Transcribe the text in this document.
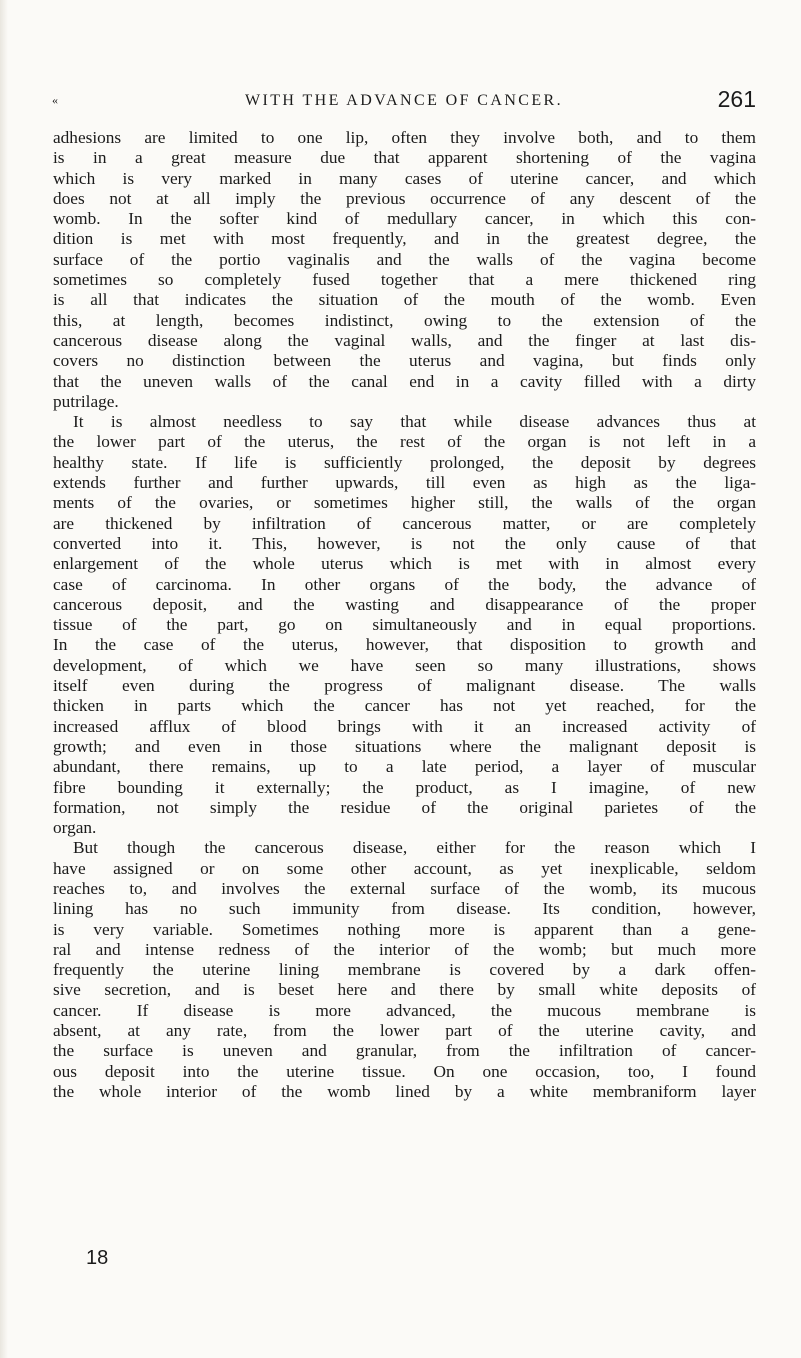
«	WITH THE ADVANCE OF CANCER.	261
adhesions are limited to one lip, often they involve both, and to them
is in a great measure due that apparent shortening of the vagina
which is very marked in many cases of uterine cancer, and which
does not at all imply the previous occurrence of any descent of the
womb. In the softer kind of medullary cancer, in which this con-
dition is met with most frequently, and in the greatest degree, the
surface of the portio vaginalis and the walls of the vagina become
sometimes so completely fused together that a mere thickened ring
is all that indicates the situation of the mouth of the womb. Even
this, at length, becomes indistinct, owing to the extension of the
cancerous disease along the vaginal walls, and the finger at last dis-
covers no distinction between the uterus and vagina, but finds only
that the uneven walls of the canal end in a cavity filled with a dirty
putrilage.
It is almost needless to say that while disease advances thus at
the lower part of the uterus, the rest of the organ is not left in a
healthy state. If life is sufficiently prolonged, the deposit by degrees
extends further and further upwards, till even as high as the liga-
ments of the ovaries, or sometimes higher still, the walls of the organ
are thickened by infiltration of cancerous matter, or are completely
converted into it. This, however, is not the only cause of that
enlargement of the whole uterus which is met with in almost every
case of carcinoma. In other organs of the body, the advance of
cancerous deposit, and the wasting and disappearance of the proper
tissue of the part, go on simultaneously and in equal proportions.
In the case of the uterus, however, that disposition to growth and
development, of which we have seen so many illustrations, shows
itself even during the progress of malignant disease. The walls
thicken in parts which the cancer has not yet reached, for the
increased afflux of blood brings with it an increased activity of
growth; and even in those situations where the malignant deposit is
abundant, there remains, up to a late period, a layer of muscular
fibre bounding it externally; the product, as I imagine, of new
formation, not simply the residue of the original parietes of the
organ.
But though the cancerous disease, either for the reason which I
have assigned or on some other account, as yet inexplicable, seldom
reaches to, and involves the external surface of the womb, its mucous
lining has no such immunity from disease. Its condition, however,
is very variable. Sometimes nothing more is apparent than a gene-
ral and intense redness of the interior of the womb; but much more
frequently the uterine lining membrane is covered by a dark offen-
sive secretion, and is beset here and there by small white deposits of
cancer. If disease is more advanced, the mucous membrane is
absent, at any rate, from the lower part of the uterine cavity, and
the surface is uneven and granular, from the infiltration of cancer-
ous deposit into the uterine tissue. On one occasion, too, I found
the whole interior of the womb lined by a white membraniform layer
18
